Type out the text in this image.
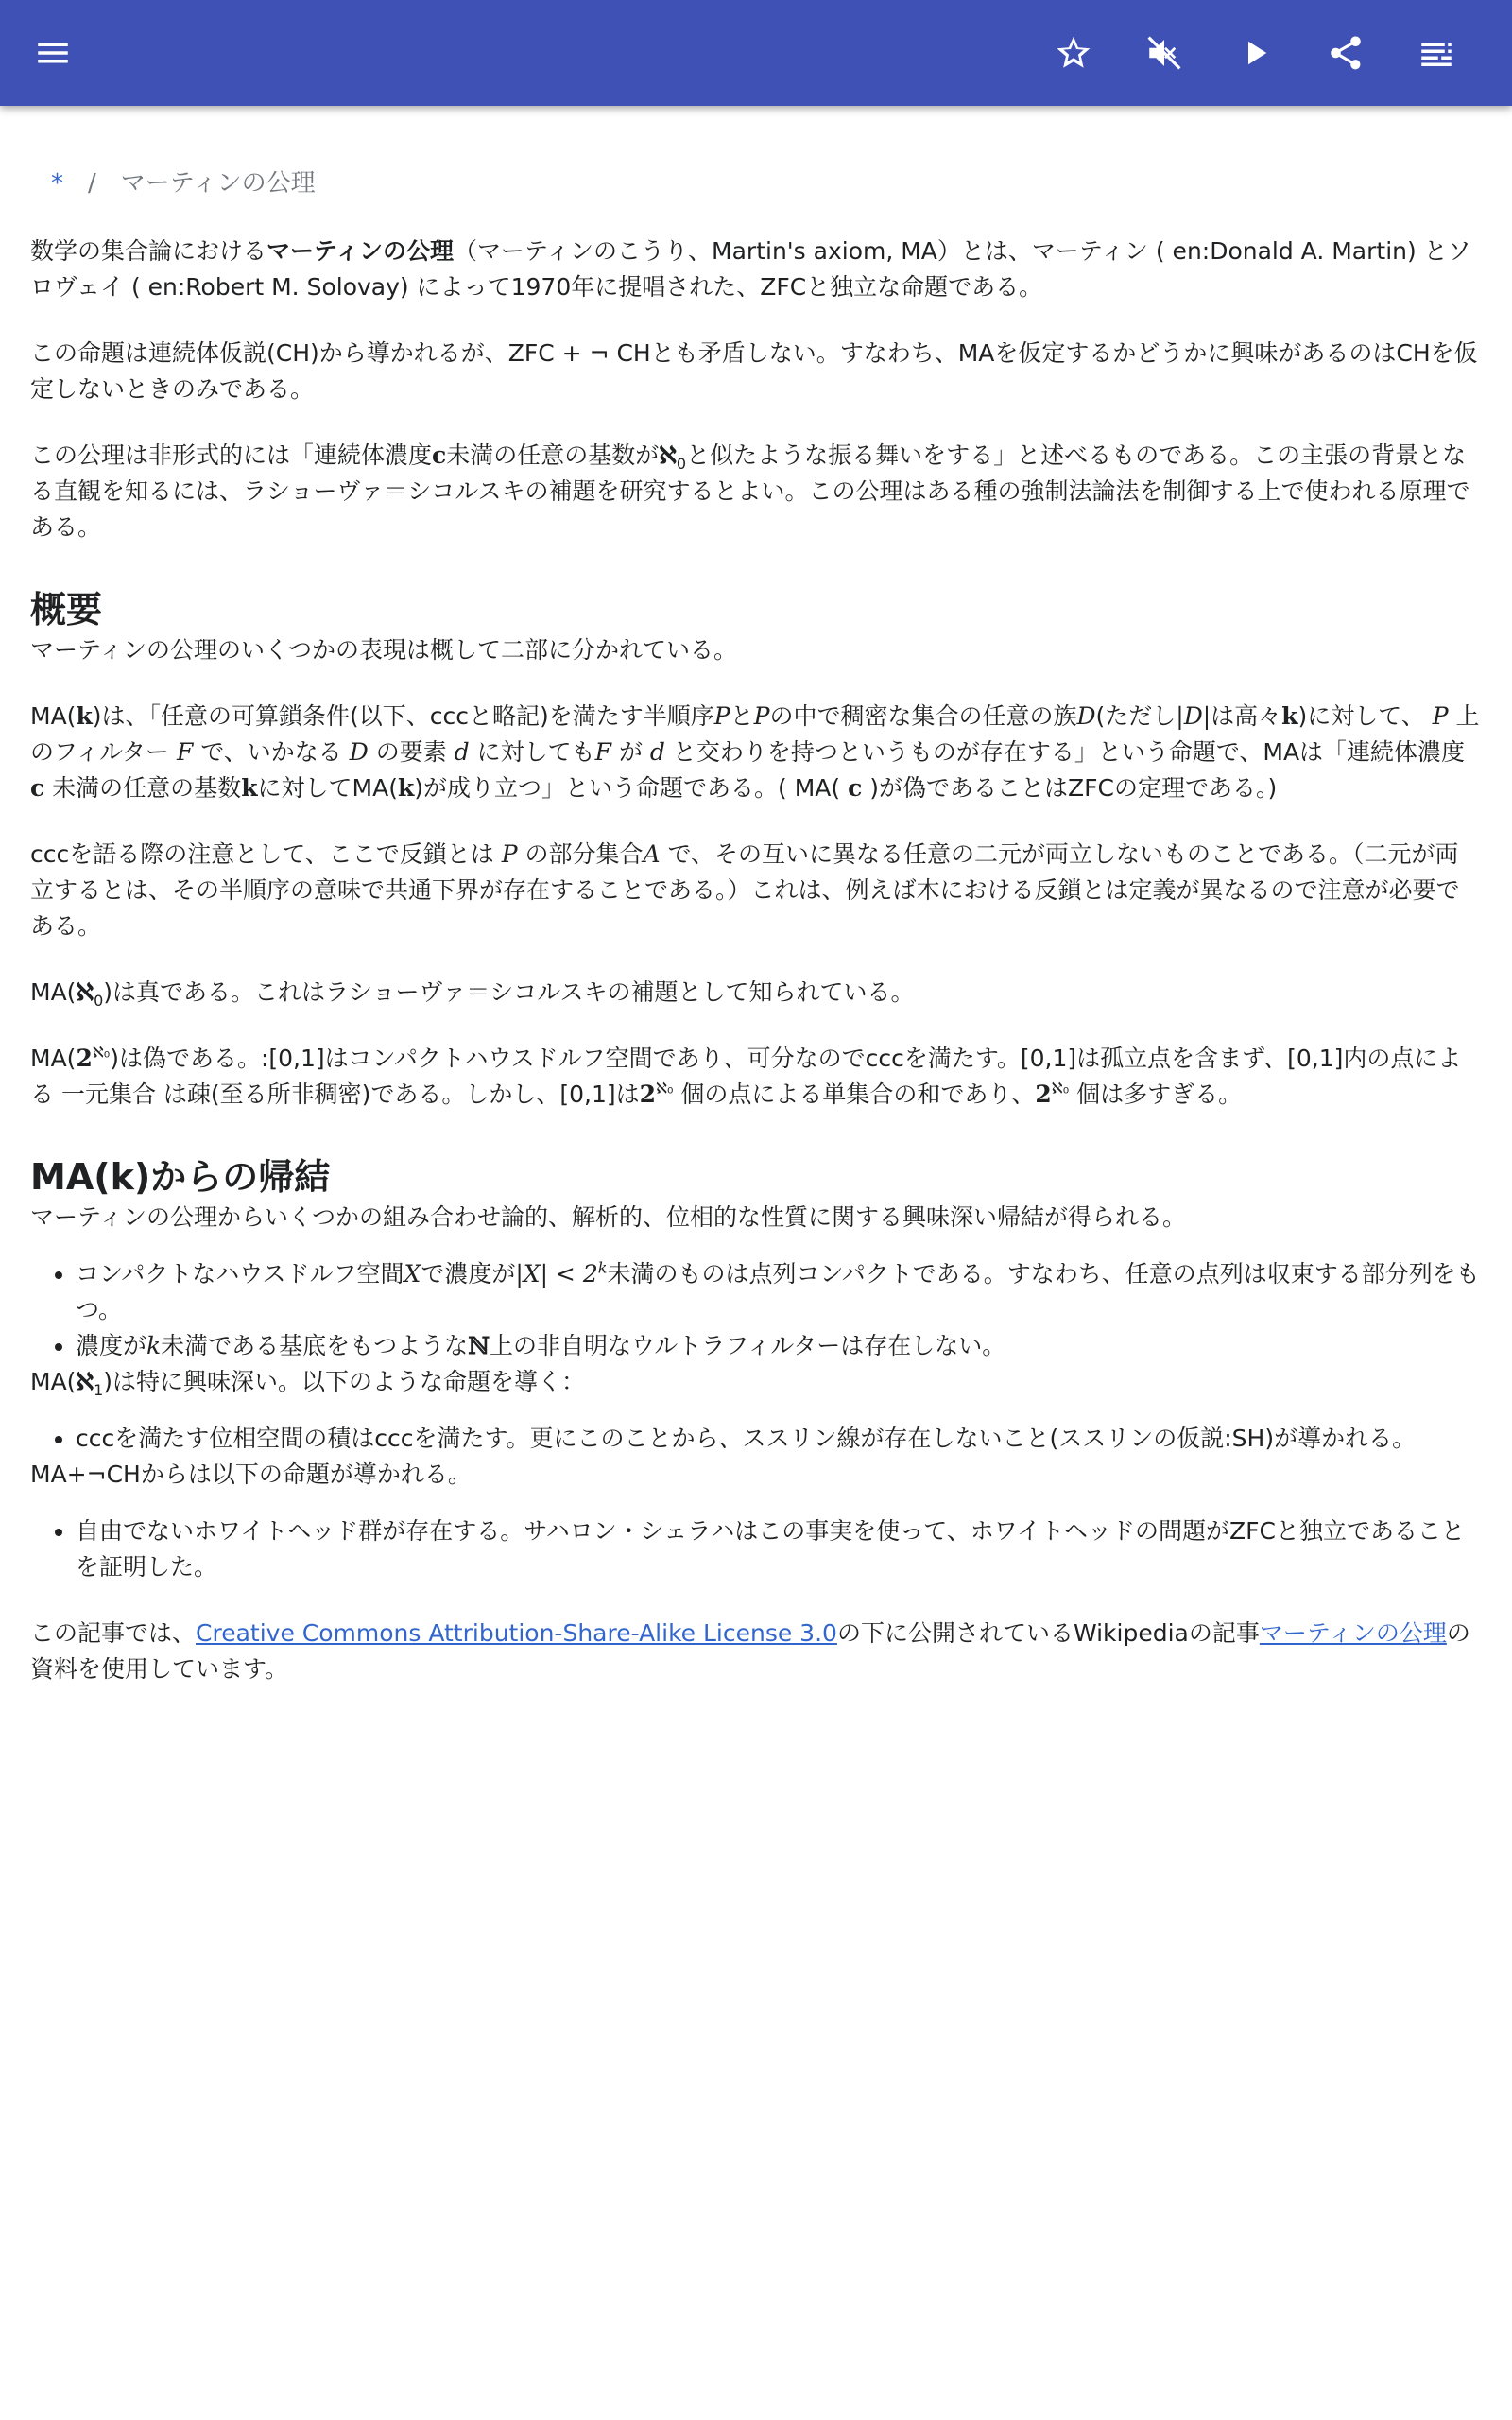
* / マーティンの公理

数学の集合論におけるマーティンの公理（マーティンのこうり、Martin's axiom, MA）とは、マーティン ( en:Donald A. Martin) とソロヴェイ ( en:Robert M. Solovay) によって1970年に提唱された、ZFCと独立な命題である。

この命題は連続体仮説(CH)から導かれるが、ZFC + ¬ CHとも矛盾しない。すなわち、MAを仮定するかどうかに興味があるのはCHを仮定しないときのみである。

この公理は非形式的には「連続体濃度c未満の任意の基数がℵ$_0$と似たような振る舞いをする」と述べるものである。この主張の背景となる直観を知るには、ラショーヴァ＝シコルスキの補題を研究するとよい。この公理はある種の強制法論法を制御する上で使われる原理である。

概要

マーティンの公理のいくつかの表現は概して二部に分かれている。

MA(k)は、「任意の可算鎖条件(以下、cccと略記)を満たす半順序PとPの中で稠密な集合の任意の族D(ただし|D|は高々k)に対して、 P 上のフィルター F で、いかなる D の要素 d に対してもF が d と交わりを持つというものが存在する」という命題で、MAは「連続体濃度 c 未満の任意の基数kに対してMA(k)が成り立つ」という命題である。( MA( c )が偽であることはZFCの定理である。)

cccを語る際の注意として、ここで反鎖とは P の部分集合A で、その互いに異なる任意の二元が両立しないものことである。（二元が両立するとは、その半順序の意味で共通下界が存在することである。）これは、例えば木における反鎖とは定義が異なるので注意が必要である。

MA(ℵ$_0$)は真である。これはラショーヴァ＝シコルスキの補題として知られている。

$MA(2^{ℵ_0})$は偽である。:[0,1]はコンパクトハウスドルフ空間であり、可分なのでcccを満たす。[0,1]は孤立点を含まず、[0,1]内の点による 一元集合 は疎(至る所非稠密)である。しかし、[0,1]は$2^{ℵ_0}$ 個の点による単集合の和であり、$2^{ℵ_0}$ 個は多すぎる。

MA(k)からの帰結

マーティンの公理からいくつかの組み合わせ論的、解析的、位相的な性質に関する興味深い帰結が得られる。

• コンパクトなハウスドルフ空間Xで濃度が$|X| < 2^k$未満のものは点列コンパクトである。すなわち、任意の点列は収束する部分列をもつ。
• 濃度がk未満である基底をもつようなℕ上の非自明なウルトラフィルターは存在しない。

MA(ℵ$_1$)は特に興味深い。以下のような命題を導く：

• cccを満たす位相空間の積はcccを満たす。更にこのことから、ススリン線が存在しないこと(ススリンの仮説:SH)が導かれる。

MA+¬CHからは以下の命題が導かれる。

• 自由でないホワイトヘッド群が存在する。サハロン・シェラハはこの事実を使って、ホワイトヘッドの問題がZFCと独立であることを証明した。

この記事では、Creative Commons Attribution-Share-Alike License 3.0の下に公開されているWikipediaの記事マーティンの公理の資料を使用しています。
